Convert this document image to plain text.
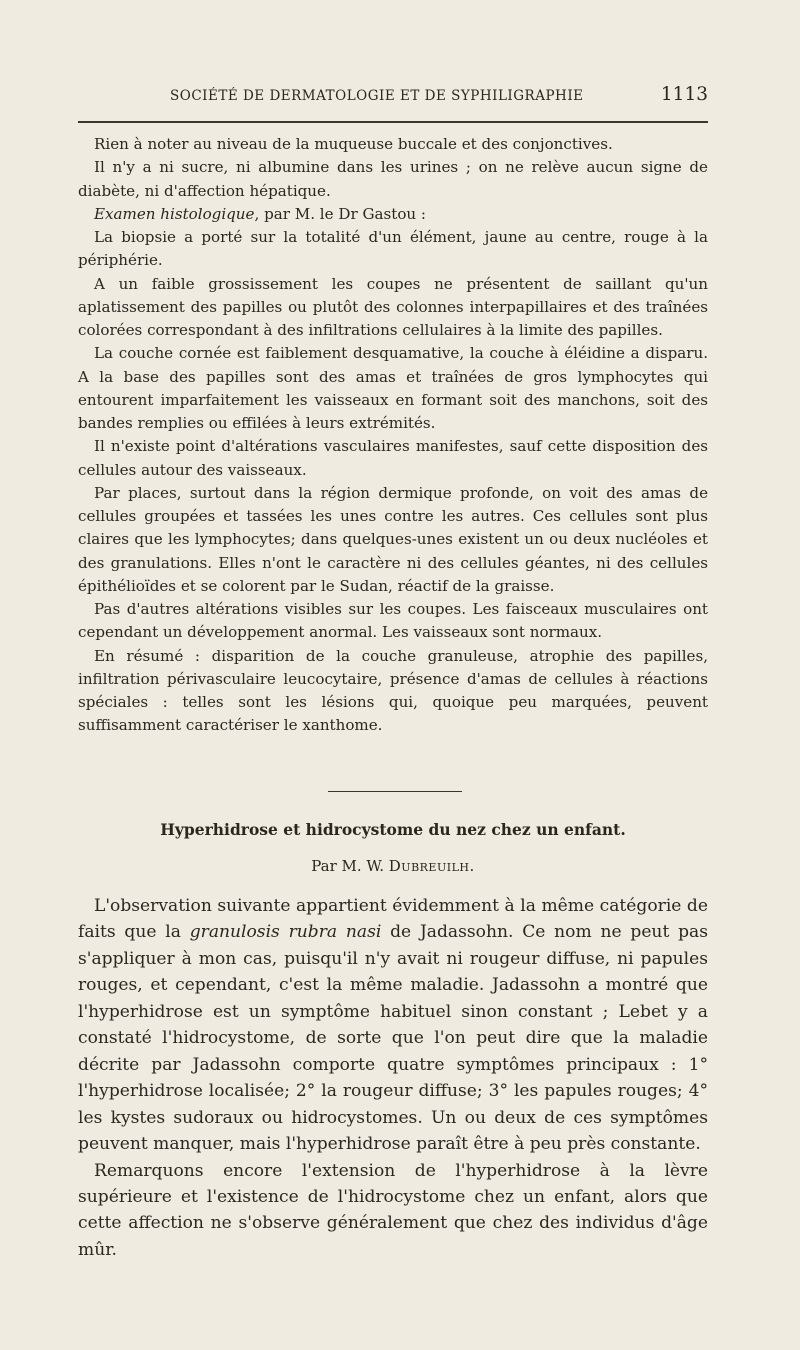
SOCIÉTÉ DE DERMATOLOGIE ET DE SYPHILIGRAPHIE	1113

Rien à noter au niveau de la muqueuse buccale et des conjonctives.

Il n'y a ni sucre, ni albumine dans les urines ; on ne relève aucun signe de diabète, ni d'affection hépatique.

Examen histologique, par M. le Dr Gastou :

La biopsie a porté sur la totalité d'un élément, jaune au centre, rouge à la périphérie.

A un faible grossissement les coupes ne présentent de saillant qu'un aplatissement des papilles ou plutôt des colonnes interpapillaires et des traînées colorées correspondant à des infiltrations cellulaires à la limite des papilles.

La couche cornée est faiblement desquamative, la couche à éléidine a disparu. A la base des papilles sont des amas et traînées de gros lymphocytes qui entourent imparfaitement les vaisseaux en formant soit des manchons, soit des bandes remplies ou effilées à leurs extrémités.

Il n'existe point d'altérations vasculaires manifestes, sauf cette disposition des cellules autour des vaisseaux.

Par places, surtout dans la région dermique profonde, on voit des amas de cellules groupées et tassées les unes contre les autres. Ces cellules sont plus claires que les lymphocytes; dans quelques-unes existent un ou deux nucléoles et des granulations. Elles n'ont le caractère ni des cellules géantes, ni des cellules épithélioïdes et se colorent par le Sudan, réactif de la graisse.

Pas d'autres altérations visibles sur les coupes. Les faisceaux musculaires ont cependant un développement anormal. Les vaisseaux sont normaux.

En résumé : disparition de la couche granuleuse, atrophie des papilles, infiltration périvasculaire leucocytaire, présence d'amas de cellules à réactions spéciales : telles sont les lésions qui, quoique peu marquées, peuvent suffisamment caractériser le xanthome.

Hyperhidrose et hidrocystome du nez chez un enfant.
Par M. W. Dubreuilh.

L'observation suivante appartient évidemment à la même catégorie de faits que la granulosis rubra nasi de Jadassohn. Ce nom ne peut pas s'appliquer à mon cas, puisqu'il n'y avait ni rougeur diffuse, ni papules rouges, et cependant, c'est la même maladie. Jadassohn a montré que l'hyperhidrose est un symptôme habituel sinon constant ; Lebet y a constaté l'hidrocystome, de sorte que l'on peut dire que la maladie décrite par Jadassohn comporte quatre symptômes principaux : 1° l'hyperhidrose localisée; 2° la rougeur diffuse; 3° les papules rouges; 4° les kystes sudoraux ou hidrocystomes. Un ou deux de ces symptômes peuvent manquer, mais l'hyperhidrose paraît être à peu près constante.

Remarquons encore l'extension de l'hyperhidrose à la lèvre supérieure et l'existence de l'hidrocystome chez un enfant, alors que cette affection ne s'observe généralement que chez des individus d'âge mûr.
